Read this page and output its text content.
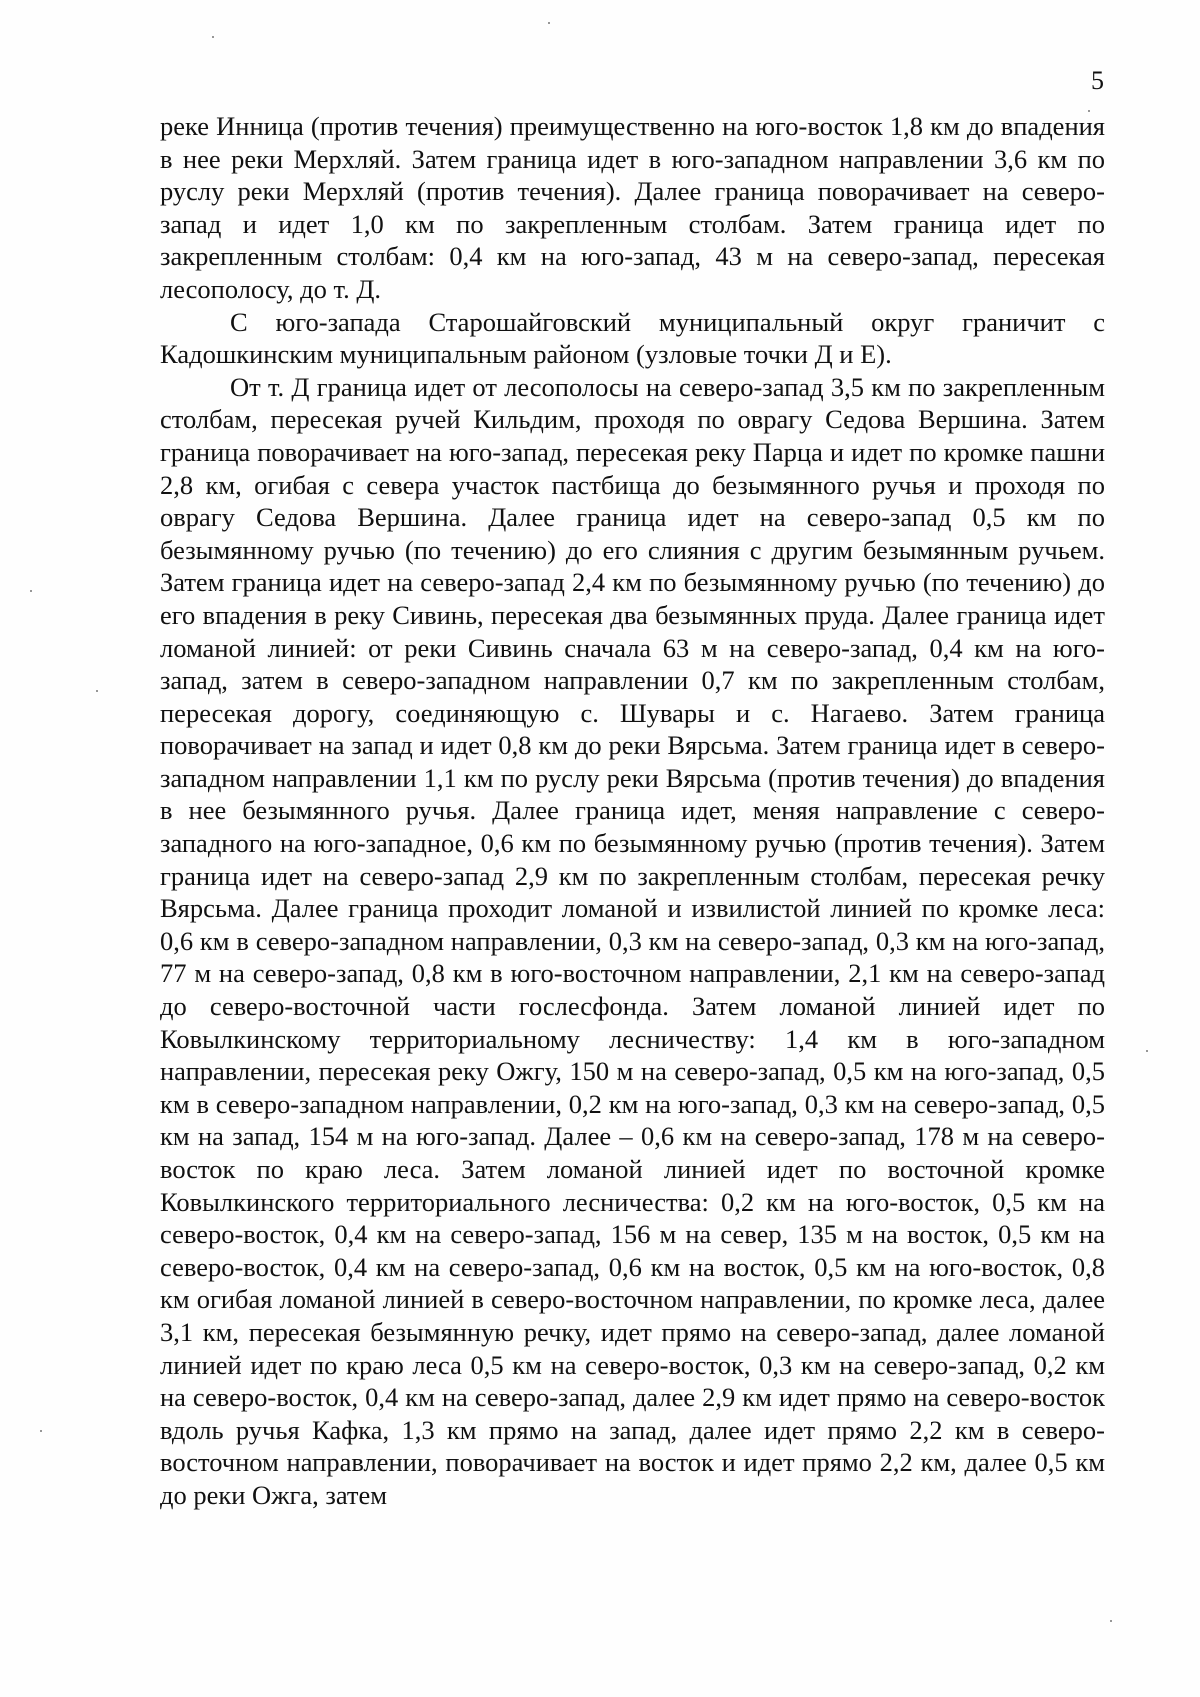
5

реке Инница (против течения) преимущественно на юго-восток 1,8 км до впадения в нее реки Мерхляй. Затем граница идет в юго-западном направлении 3,6 км по руслу реки Мерхляй (против течения). Далее граница поворачивает на северо-запад и идет 1,0 км по закрепленным столбам. Затем граница идет по закрепленным столбам: 0,4 км на юго-запад, 43 м на северо-запад, пересекая лесополосу, до т. Д.

С юго-запада Старошайговский муниципальный округ граничит с Кадошкинским муниципальным районом (узловые точки Д и Е).

От т. Д граница идет от лесополосы на северо-запад 3,5 км по закрепленным столбам, пересекая ручей Кильдим, проходя по оврагу Седова Вершина. Затем граница поворачивает на юго-запад, пересекая реку Парца и идет по кромке пашни 2,8 км, огибая с севера участок пастбища до безымянного ручья и проходя по оврагу Седова Вершина. Далее граница идет на северо-запад 0,5 км по безымянному ручью (по течению) до его слияния с другим безымянным ручьем. Затем граница идет на северо-запад 2,4 км по безымянному ручью (по течению) до его впадения в реку Сивинь, пересекая два безымянных пруда. Далее граница идет ломаной линией: от реки Сивинь сначала 63 м на северо-запад, 0,4 км на юго-запад, затем в северо-западном направлении 0,7 км по закрепленным столбам, пересекая дорогу, соединяющую с. Шувары и с. Нагаево. Затем граница поворачивает на запад и идет 0,8 км до реки Вярсьма. Затем граница идет в северо-западном направлении 1,1 км по руслу реки Вярсьма (против течения) до впадения в нее безымянного ручья. Далее граница идет, меняя направление с северо-западного на юго-западное, 0,6 км по безымянному ручью (против течения). Затем граница идет на северо-запад 2,9 км по закрепленным столбам, пересекая речку Вярсьма. Далее граница проходит ломаной и извилистой линией по кромке леса: 0,6 км в северо-западном направлении, 0,3 км на северо-запад, 0,3 км на юго-запад, 77 м на северо-запад, 0,8 км в юго-восточном направлении, 2,1 км на северо-запад до северо-восточной части гослесфонда. Затем ломаной линией идет по Ковылкинскому территориальному лесничеству: 1,4 км в юго-западном направлении, пересекая реку Ожгу, 150 м на северо-запад, 0,5 км на юго-запад, 0,5 км в северо-западном направлении, 0,2 км на юго-запад, 0,3 км на северо-запад, 0,5 км на запад, 154 м на юго-запад. Далее – 0,6 км на северо-запад, 178 м на северо-восток по краю леса. Затем ломаной линией идет по восточной кромке Ковылкинского территориального лесничества: 0,2 км на юго-восток, 0,5 км на северо-восток, 0,4 км на северо-запад, 156 м на север, 135 м на восток, 0,5 км на северо-восток, 0,4 км на северо-запад, 0,6 км на восток, 0,5 км на юго-восток, 0,8 км огибая ломаной линией в северо-восточном направлении, по кромке леса, далее 3,1 км, пересекая безымянную речку, идет прямо на северо-запад, далее ломаной линией идет по краю леса 0,5 км на северо-восток, 0,3 км на северо-запад, 0,2 км на северо-восток, 0,4 км на северо-запад, далее 2,9 км идет прямо на северо-восток вдоль ручья Кафка, 1,3 км прямо на запад, далее идет прямо 2,2 км в северо-восточном направлении, поворачивает на восток и идет прямо 2,2 км, далее 0,5 км до реки Ожга, затем
